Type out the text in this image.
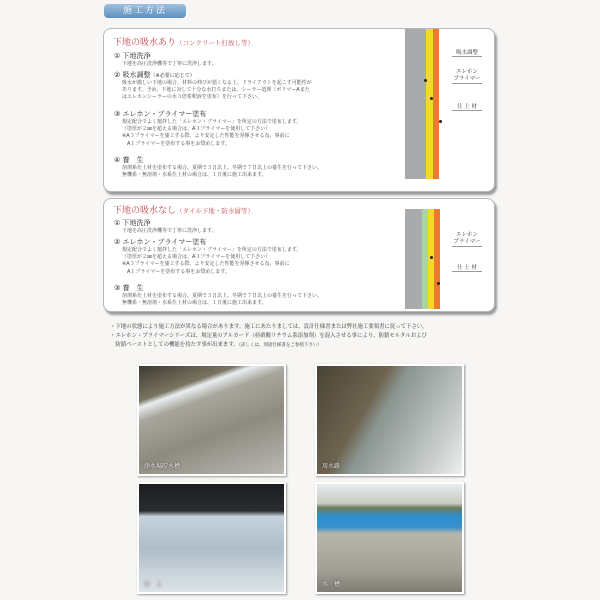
施工方法
下地の吸水あり（コンクリート打放し等）
① 下地洗浄
下地を高圧洗浄機等で丁寧に洗浄します。
② 吸水調整（※必要に応じて）
吸水が激しい下地の場合、材料の伸びが悪くなる上、ドライアウトを起こす可能性が
あります。予め、下地に対して十分な水打ちまたは、シーラー処理（ポリマーAまた
はエレホンシーラーの水３倍希釈液を塗布）を行って下さい。
③ エレホン・プライマー塗布
規定配合でよく撹拌した「エレホン・プライマー」を所定の方法で塗布します。
（塗厚が２㎜を超える場合は、A３プライマーを使用して下さい）
※A３プライマーを施工する際、より安定した性能を発揮させる為、事前に
　A１プライマーを塗布する事をお奨めします。
④ 養　生
溶剤系仕上材を塗布する場合、夏期で３日以上、冬期で７日以上の養生を行って下さい。
無機系・無溶剤・水系仕上材の場合は、１日後に施工出来ます。
吸水調整
エレホン
プライマー
仕 上 材
下地の吸水なし（タイル下地・防水層等）
① 下地洗浄
下地を高圧洗浄機等で丁寧に洗浄します。
② エレホン・プライマー塗布
規定配合でよく撹拌した「エレホン・プライマー」を所定の方法で塗布します。
（塗厚が２㎜を超える場合は、A３プライマーを使用して下さい）
※A３プライマーを施工する際、より安定した性能を発揮させる為、事前に
　A１プライマーを塗布する事をお奨めします。
③ 養　生
溶剤系仕上材を塗布する場合、夏期で３日以上、冬期で７日以上の養生を行って下さい。
無機系・無溶剤・水系仕上材の場合は、１日後に施工出来ます。
エレホン
プライマー
仕 上 材
・下地の状態により施工方法が異なる場合があります。施工にあたりましては、設計仕様書または弊社施工要領書に従って下さい。
・エレホン・プライマーシリーズは、規定量のアルカード（亜硝酸リチウム系添加剤）を混入させる事により、防錆モルタルおよび
　防錆ペーストとしての機能を持たす事が出来ます。（詳しくは、別途仕様書をご参照下さい）
浄水場貯水槽	用水路
屋　上	水　槽
